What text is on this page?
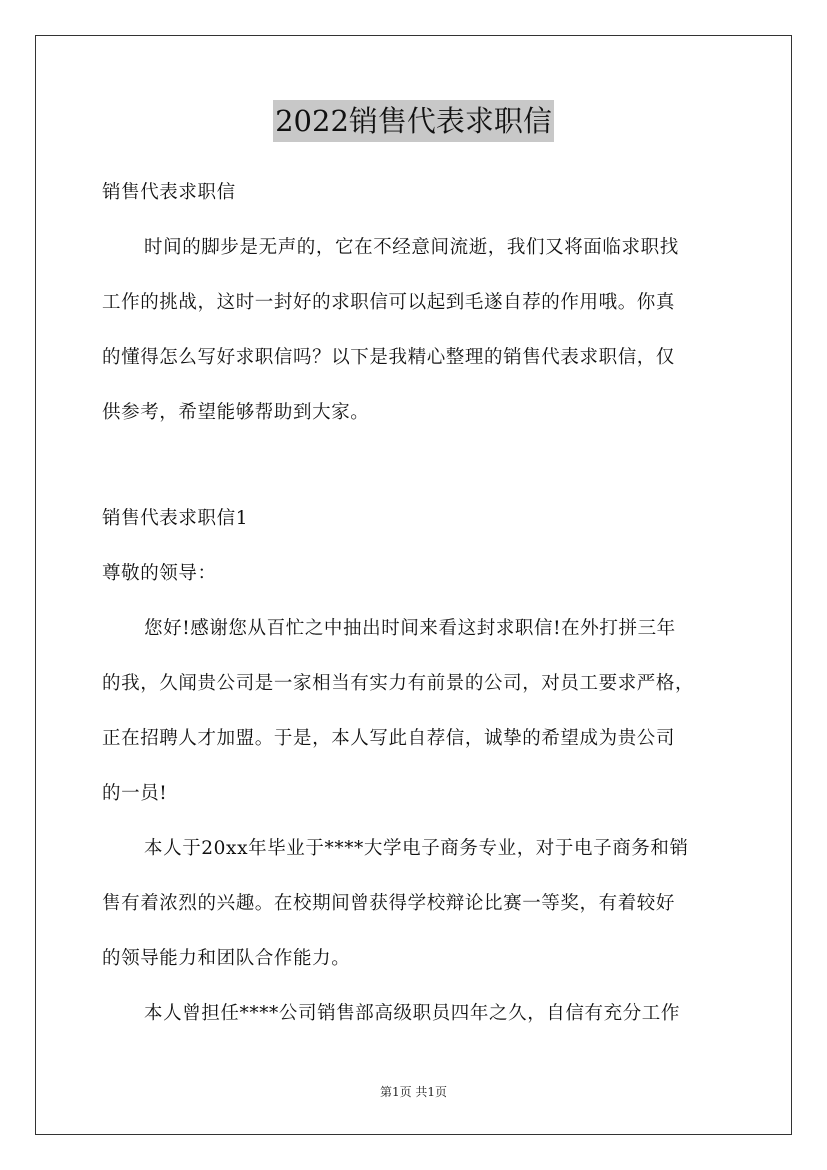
2022销售代表求职信
销售代表求职信
时间的脚步是无声的，它在不经意间流逝，我们又将面临求职找
工作的挑战，这时一封好的求职信可以起到毛遂自荐的作用哦。你真
的懂得怎么写好求职信吗？以下是我精心整理的销售代表求职信，仅
供参考，希望能够帮助到大家。
销售代表求职信1
尊敬的领导：
您好!感谢您从百忙之中抽出时间来看这封求职信!在外打拼三年
的我，久闻贵公司是一家相当有实力有前景的公司，对员工要求严格，
正在招聘人才加盟。于是，本人写此自荐信，诚挚的希望成为贵公司
的一员!
本人于20xx年毕业于****大学电子商务专业，对于电子商务和销
售有着浓烈的兴趣。在校期间曾获得学校辩论比赛一等奖，有着较好
的领导能力和团队合作能力。
本人曾担任****公司销售部高级职员四年之久，自信有充分工作
第1页 共1页
